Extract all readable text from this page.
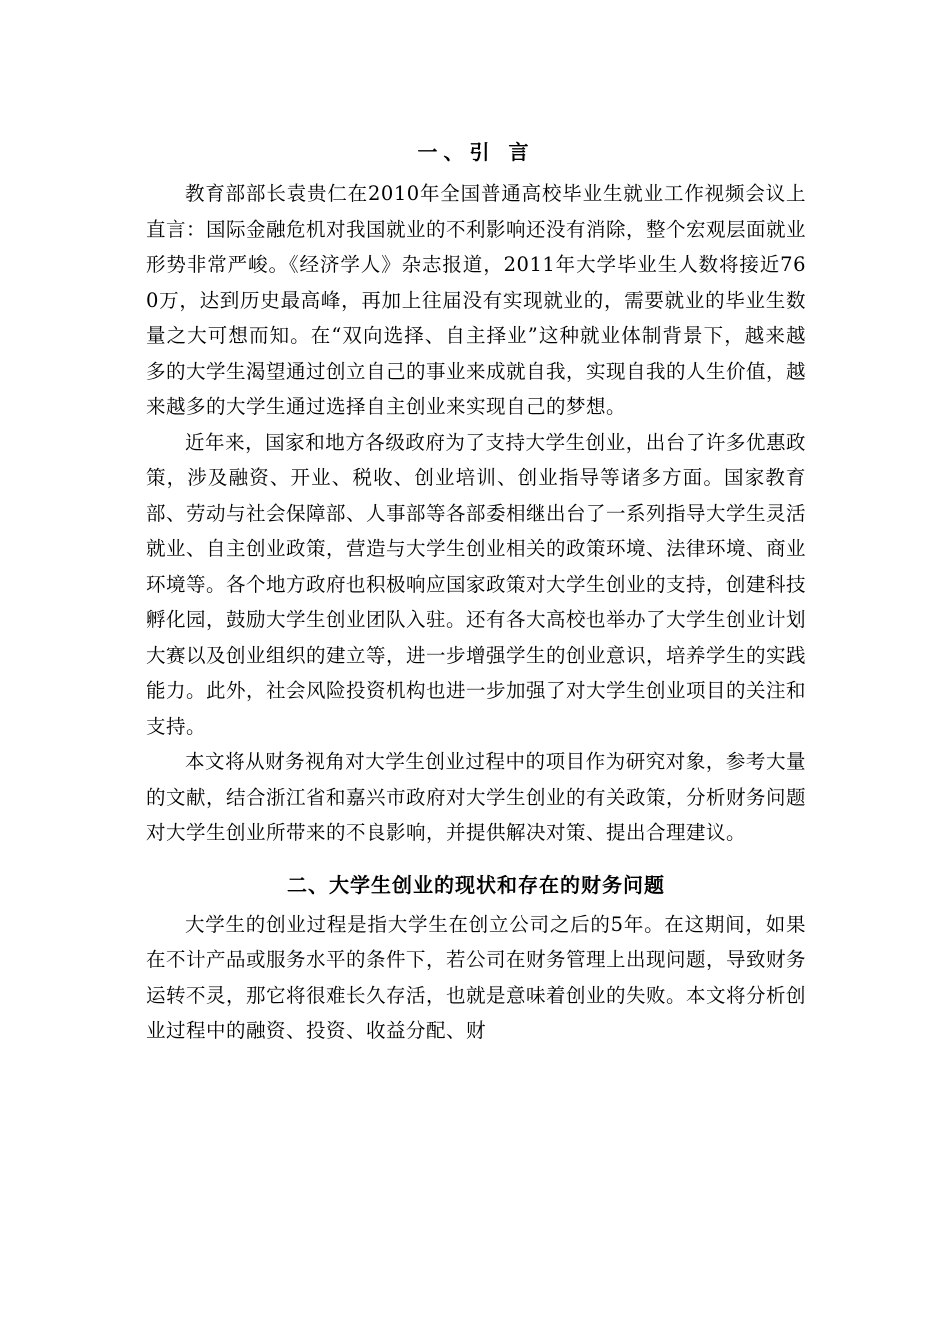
一、引 言

教育部部长袁贵仁在2010年全国普通高校毕业生就业工作视频会议上直言：国际金融危机对我国就业的不利影响还没有消除，整个宏观层面就业形势非常严峻。《经济学人》杂志报道，2011年大学毕业生人数将接近760万，达到历史最高峰，再加上往届没有实现就业的，需要就业的毕业生数量之大可想而知。在“双向选择、自主择业”这种就业体制背景下，越来越多的大学生渴望通过创立自己的事业来成就自我，实现自我的人生价值，越来越多的大学生通过选择自主创业来实现自己的梦想。

近年来，国家和地方各级政府为了支持大学生创业，出台了许多优惠政策，涉及融资、开业、税收、创业培训、创业指导等诸多方面。国家教育部、劳动与社会保障部、人事部等各部委相继出台了一系列指导大学生灵活就业、自主创业政策，营造与大学生创业相关的政策环境、法律环境、商业环境等。各个地方政府也积极响应国家政策对大学生创业的支持，创建科技孵化园，鼓励大学生创业团队入驻。还有各大高校也举办了大学生创业计划大赛以及创业组织的建立等，进一步增强学生的创业意识，培养学生的实践能力。此外，社会风险投资机构也进一步加强了对大学生创业项目的关注和支持。

本文将从财务视角对大学生创业过程中的项目作为研究对象，参考大量的文献，结合浙江省和嘉兴市政府对大学生创业的有关政策，分析财务问题对大学生创业所带来的不良影响，并提供解决对策、提出合理建议。

二、大学生创业的现状和存在的财务问题

大学生的创业过程是指大学生在创立公司之后的5年。在这期间，如果在不计产品或服务水平的条件下，若公司在财务管理上出现问题，导致财务运转不灵，那它将很难长久存活，也就是意味着创业的失败。本文将分析创业过程中的融资、投资、收益分配、财
